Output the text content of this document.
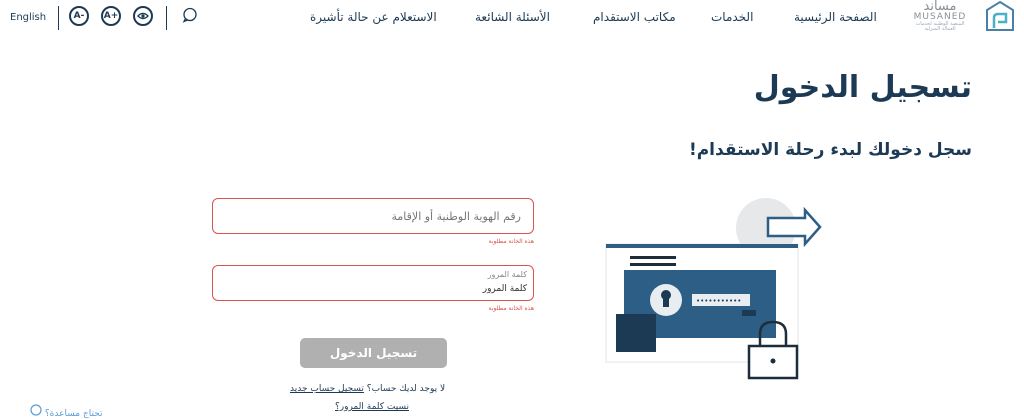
English	A-	A+	الاستعلام عن حالة تأشيرة	الأسئلة الشائعة	مكاتب الاستقدام	الخدمات	الصفحة الرئيسية
مساند
MUSANED
المنصة الوطنية لخدمات العمالة المنزلية
تسجيل الدخول
سجل دخولك لبدء رحلة الاستقدام!
رقم الهوية الوطنية أو الإقامة
هذه الخانة مطلوبة
كلمة المرور
كلمة المرور
هذه الخانة مطلوبة
تسجيل الدخول
لا يوجد لديك حساب؟ تسجيل حساب جديد
نسيت كلمة المرور؟
تحتاج مساعدة؟
•••••••••••
